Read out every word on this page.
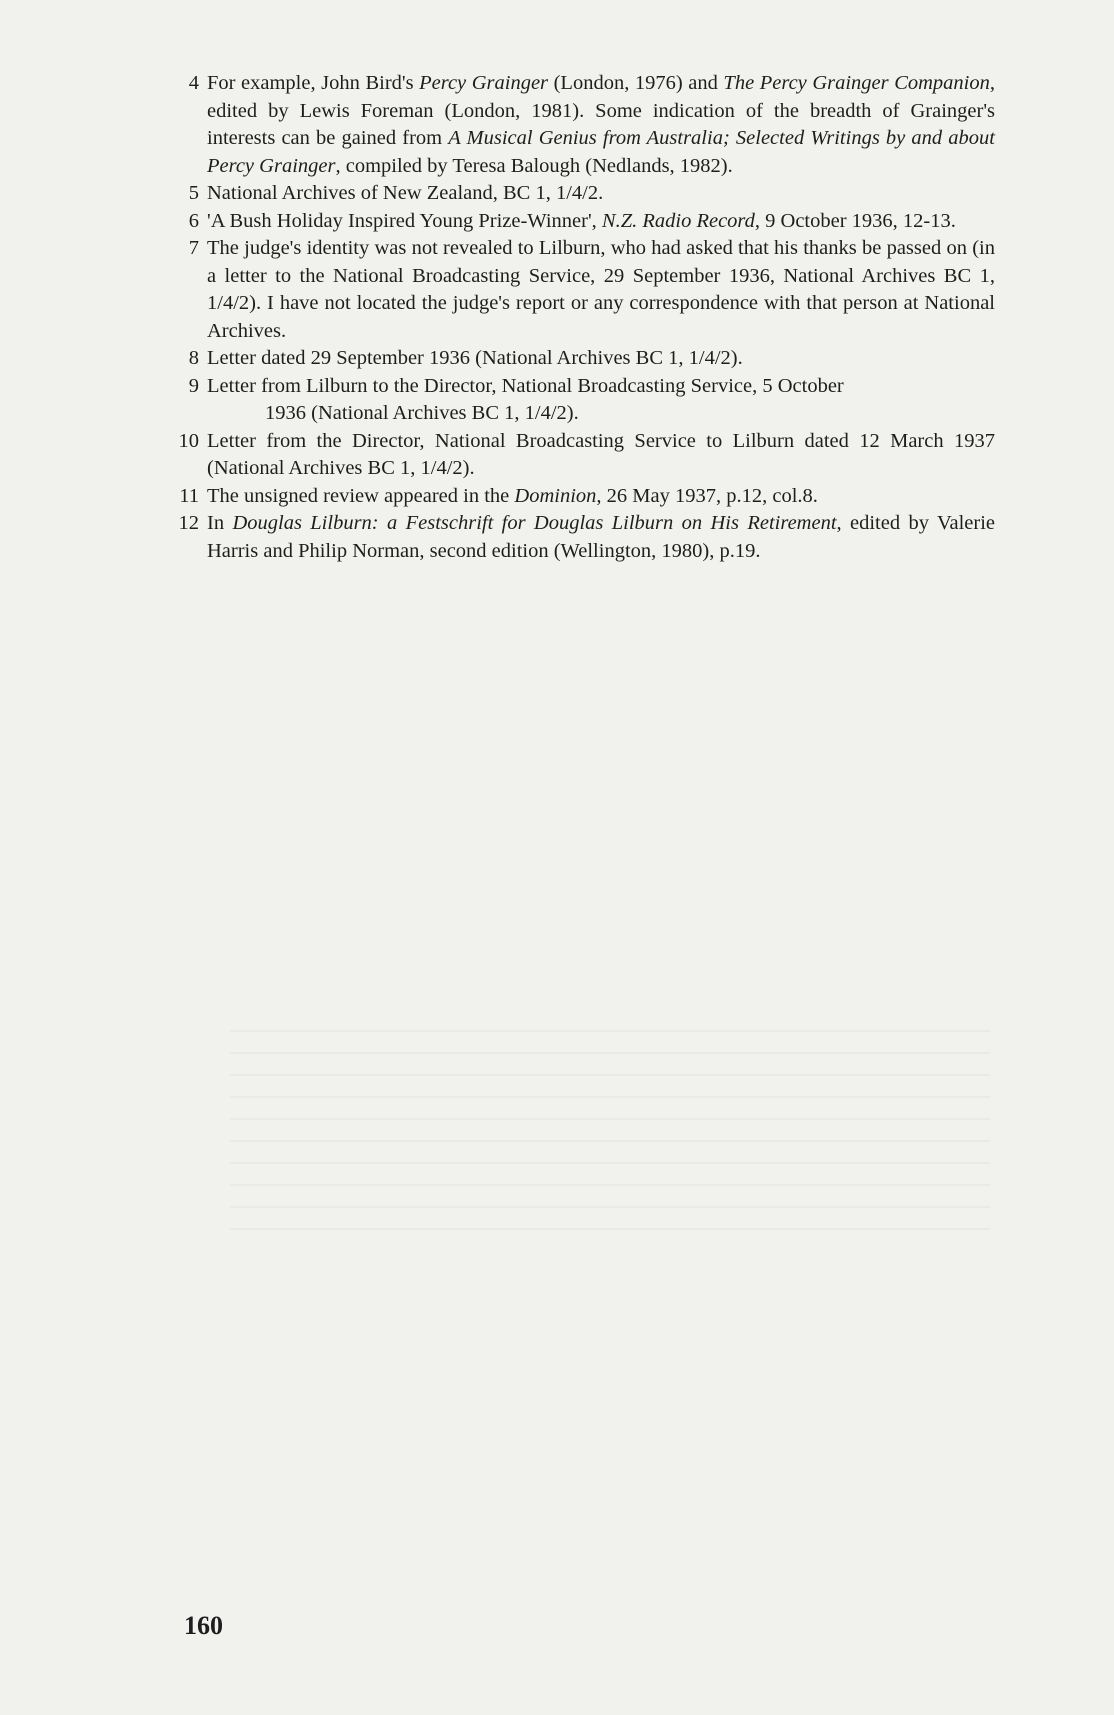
4 For example, John Bird's Percy Grainger (London, 1976) and The Percy Grainger Companion, edited by Lewis Foreman (London, 1981). Some indication of the breadth of Grainger's interests can be gained from A Musical Genius from Australia; Selected Writings by and about Percy Grainger, compiled by Teresa Balough (Nedlands, 1982).
5 National Archives of New Zealand, BC 1, 1/4/2.
6 'A Bush Holiday Inspired Young Prize-Winner', N.Z. Radio Record, 9 October 1936, 12-13.
7 The judge's identity was not revealed to Lilburn, who had asked that his thanks be passed on (in a letter to the National Broadcasting Service, 29 September 1936, National Archives BC 1, 1/4/2). I have not located the judge's report or any correspondence with that person at National Archives.
8 Letter dated 29 September 1936 (National Archives BC 1, 1/4/2).
9 Letter from Lilburn to the Director, National Broadcasting Service, 5 October
1936 (National Archives BC 1, 1/4/2).
10 Letter from the Director, National Broadcasting Service to Lilburn dated 12 March 1937 (National Archives BC 1, 1/4/2).
11 The unsigned review appeared in the Dominion, 26 May 1937, p.12, col.8.
12 In Douglas Lilburn: a Festschrift for Douglas Lilburn on His Retirement, edited by Valerie Harris and Philip Norman, second edition (Wellington, 1980), p.19.
160
